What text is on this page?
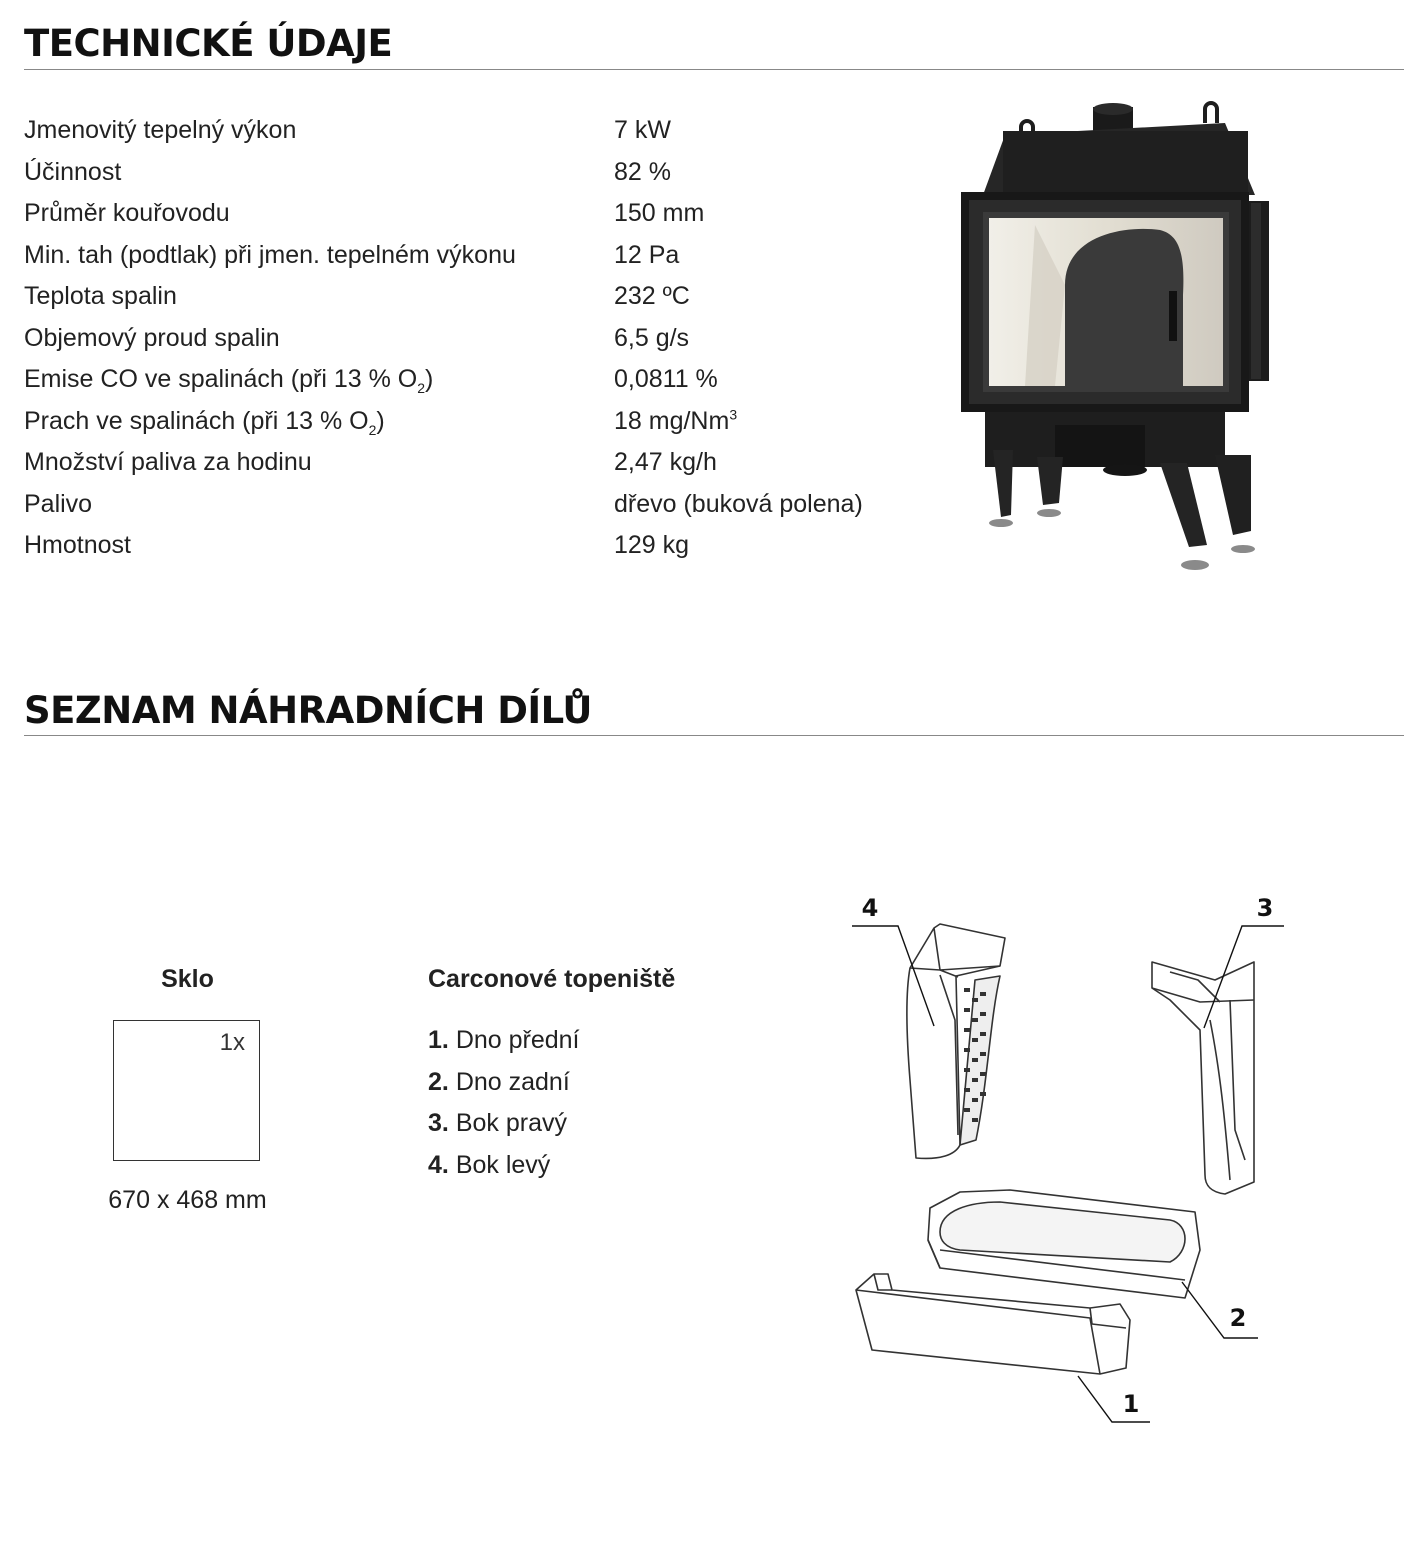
TECHNICKÉ ÚDAJE
Jmenovitý tepelný výkon	7 kW
Účinnost	82 %
Průměr kouřovodu	150 mm
Min. tah (podtlak) při jmen. tepelném výkonu	12 Pa
Teplota spalin	232 ºC
Objemový proud spalin	6,5 g/s
Emise CO ve spalinách (při 13 % $O_2$)	0,0811 %
Prach ve spalinách (při 13 % $O_2$)	18 mg/Nm$^3$
Množství paliva za hodinu	2,47 kg/h
Palivo	dřevo (buková polena)
Hmotnost	129 kg
SEZNAM NÁHRADNÍCH DÍLŮ
Sklo
1x
670 x 468 mm
Carconové topeniště
1. Dno přední
2. Dno zadní
3. Bok pravý
4. Bok levý
4	3
2
1
